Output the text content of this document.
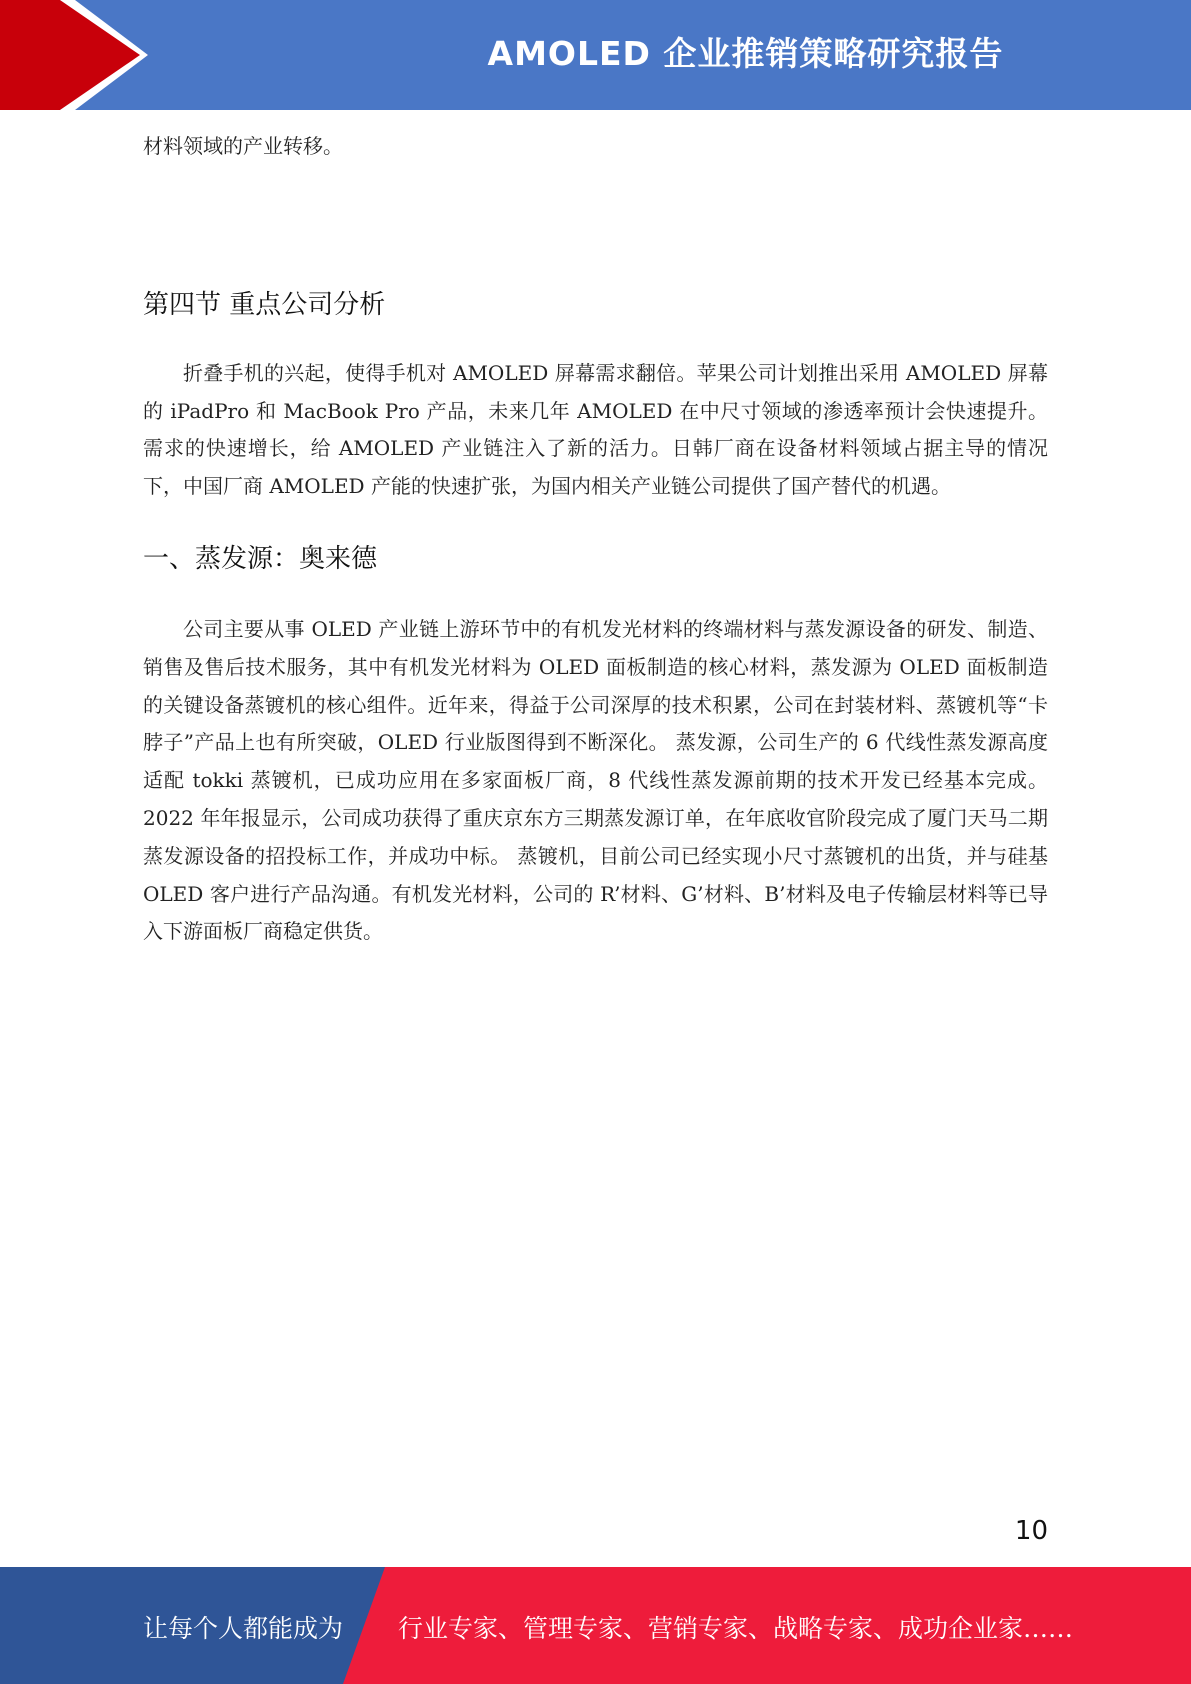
AMOLED 企业推销策略研究报告

材料领域的产业转移。

第四节 重点公司分析

折叠手机的兴起，使得手机对 AMOLED 屏幕需求翻倍。苹果公司计划推出采用 AMOLED 屏幕的 iPadPro 和 MacBook Pro 产品，未来几年 AMOLED 在中尺寸领域的渗透率预计会快速提升。需求的快速增长，给 AMOLED 产业链注入了新的活力。日韩厂商在设备材料领域占据主导的情况下，中国厂商 AMOLED 产能的快速扩张，为国内相关产业链公司提供了国产替代的机遇。

一、蒸发源：奥来德

公司主要从事 OLED 产业链上游环节中的有机发光材料的终端材料与蒸发源设备的研发、制造、销售及售后技术服务，其中有机发光材料为 OLED 面板制造的核心材料，蒸发源为 OLED 面板制造的关键设备蒸镀机的核心组件。近年来，得益于公司深厚的技术积累，公司在封装材料、蒸镀机等“卡脖子”产品上也有所突破，OLED 行业版图得到不断深化。 蒸发源，公司生产的 6 代线性蒸发源高度适配 tokki 蒸镀机，已成功应用在多家面板厂商，8 代线性蒸发源前期的技术开发已经基本完成。2022 年年报显示，公司成功获得了重庆京东方三期蒸发源订单，在年底收官阶段完成了厦门天马二期蒸发源设备的招投标工作，并成功中标。 蒸镀机，目前公司已经实现小尺寸蒸镀机的出货，并与硅基 OLED 客户进行产品沟通。有机发光材料，公司的 R’材料、G’材料、B’材料及电子传输层材料等已导入下游面板厂商稳定供货。

10
让每个人都能成为 行业专家、管理专家、营销专家、战略专家、成功企业家……
